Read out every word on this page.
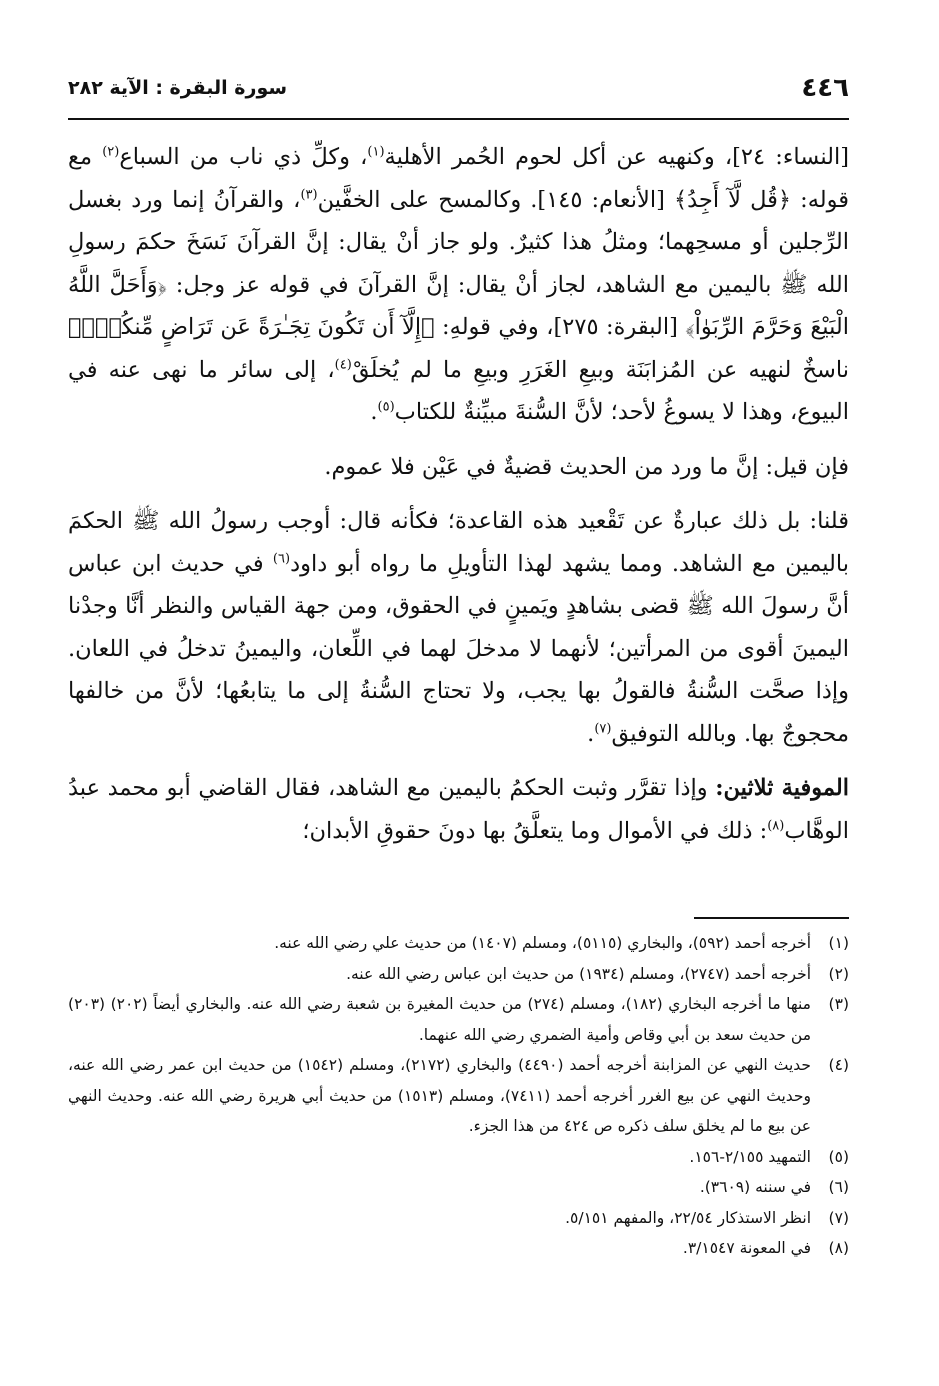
٤٤٦
سورة البقرة : الآية ٢٨٢

[النساء: ٢٤]، وكنهيه عن أكل لحوم الحُمر الأهلية$^{(١)}$، وكلِّ ذي ناب من السباع$^{(٢)}$ مع قوله: ﴿قُل لَّآ أَجِدُ﴾ [الأنعام: ١٤٥]. وكالمسح على الخفَّين$^{(٣)}$، والقرآنُ إنما ورد بغسل الرِّجلين أو مسحِهما؛ ومثلُ هذا كثيرٌ. ولو جاز أنْ يقال: إنَّ القرآنَ نَسَخَ حكمَ رسولِ الله ﷺ باليمين مع الشاهد، لجاز أنْ يقال: إنَّ القرآنَ في قوله عز وجل: ﴿وَأَحَلَّ اللَّهُ الْبَيْعَ وَحَرَّمَ الرِّبَوٰاْ﴾ [البقرة: ٢٧٥]، وفي قولهِ: ﴿إِلَّآ أَن تَكُونَ تِجَـٰرَةً عَن تَرَاضٍ مِّنكُمْۚ﴾ ناسخٌ لنهيه عن المُزابَنَة وبيعِ الغَرَرِ وبيعِ ما لم يُخلَقْ$^{(٤)}$، إلى سائر ما نهى عنه في البيوع، وهذا لا يسوغُ لأحد؛ لأنَّ السُّنةَ مبيِّنةٌ للكتاب$^{(٥)}$.

فإن قيل: إنَّ ما ورد من الحديث قضيةٌ في عَيْن فلا عموم.

قلنا: بل ذلك عبارةٌ عن تَقْعيد هذه القاعدة؛ فكأنه قال: أوجب رسولُ الله ﷺ الحكمَ باليمين مع الشاهد. ومما يشهد لهذا التأويلِ ما رواه أبو داود$^{(٦)}$ في حديث ابن عباس أنَّ رسولَ الله ﷺ قضى بشاهدٍ ويَمينٍ في الحقوق، ومن جهة القياس والنظر أنَّا وجدْنا اليمينَ أقوى من المرأتين؛ لأنهما لا مدخلَ لهما في اللِّعان، واليمينُ تدخلُ في اللعان. وإذا صحَّت السُّنةُ فالقولُ بها يجب، ولا تحتاج السُّنةُ إلى ما يتابعُها؛ لأنَّ من خالفها محجوجٌ بها. وبالله التوفيق$^{(٧)}$.

الموفية ثلاثين: وإذا تقرَّر وثبت الحكمُ باليمين مع الشاهد، فقال القاضي أبو محمد عبدُ الوهَّاب$^{(٨)}$: ذلك في الأموال وما يتعلَّقُ بها دونَ حقوقِ الأبدان؛

(١)
أخرجه أحمد (٥٩٢)، والبخاري (٥١١٥)، ومسلم (١٤٠٧) من حديث علي رضي الله عنه.

(٢)
أخرجه أحمد (٢٧٤٧)، ومسلم (١٩٣٤) من حديث ابن عباس رضي الله عنه.

(٣)
منها ما أخرجه البخاري (١٨٢)، ومسلم (٢٧٤) من حديث المغيرة بن شعبة رضي الله عنه. والبخاري أيضاً (٢٠٢) (٢٠٣) من حديث سعد بن أبي وقاص وأمية الضمري رضي الله عنهما.

(٤)
حديث النهي عن المزابنة أخرجه أحمد (٤٤٩٠) والبخاري (٢١٧٢)، ومسلم (١٥٤٢) من حديث ابن عمر رضي الله عنه، وحديث النهي عن بيع الغرر أخرجه أحمد (٧٤١١)، ومسلم (١٥١٣) من حديث أبي هريرة رضي الله عنه. وحديث النهي عن بيع ما لم يخلق سلف ذكره ص ٤٢٤ من هذا الجزء.

(٥)
التمهيد ٢/١٥٥-١٥٦.

(٦)
في سننه (٣٦٠٩).

(٧)
انظر الاستذكار ٢٢/٥٤، والمفهم ٥/١٥١.

(٨)
في المعونة ٣/١٥٤٧.
